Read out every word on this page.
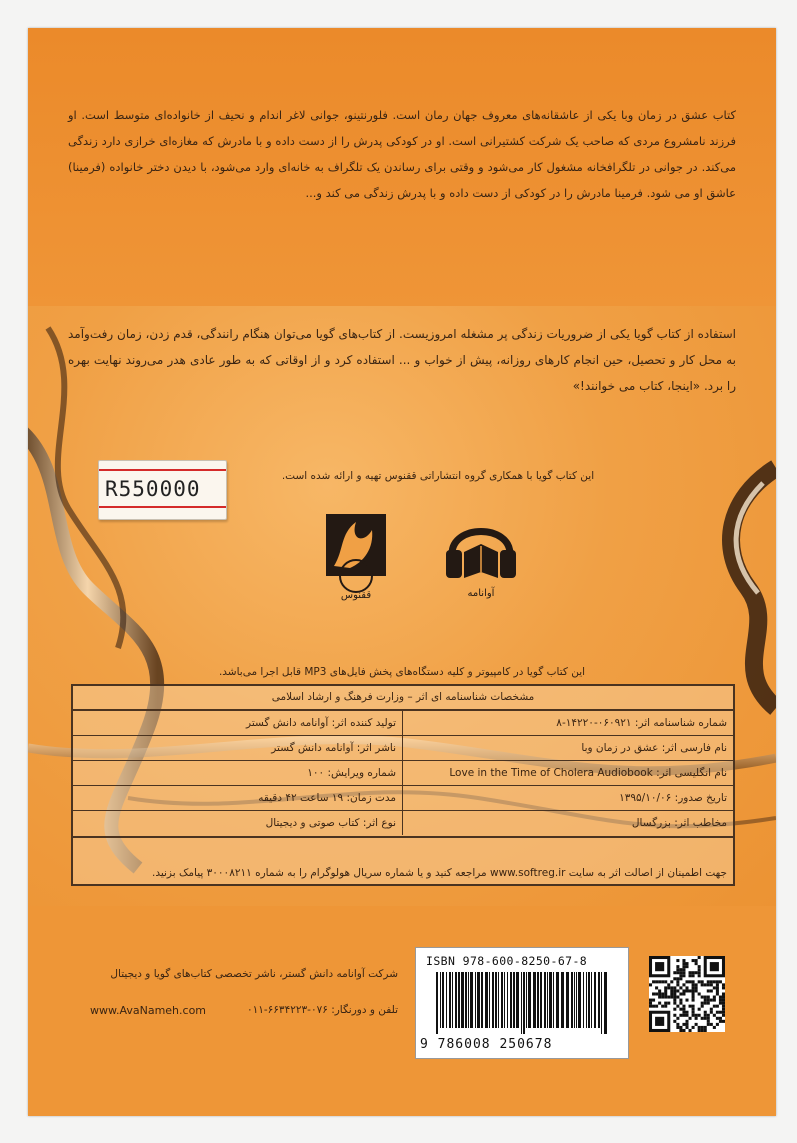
کتاب عشق در زمان وبا یکی از عاشقانه‌های معروف جهان رمان است. فلورنتینو، جوانی لاغر اندام و نحیف از خانواده‌ای متوسط است. او فرزند نامشروع مردی که صاحب یک شرکت کشتیرانی است. او در کودکی پدرش را از دست داده و با مادرش که مغازه‌ای خرازی دارد زندگی می‌کند. در جوانی در تلگرافخانه مشغول کار می‌شود و وقتی برای رساندن یک تلگراف به خانه‌ای وارد می‌شود، با دیدن دختر خانواده (فرمینا) عاشق او می شود. فرمینا مادرش را در کودکی از دست داده و با پدرش زندگی می کند و...
استفاده از کتاب گویا یکی از ضروریات زندگی پر مشغله امروزیست. از کتاب‌های گویا می‌توان هنگام رانندگی، قدم زدن، زمان رفت‌وآمد به محل کار و تحصیل، حین انجام کارهای روزانه، پیش از خواب و ... استفاده کرد و از اوقاتی که به طور عادی هدر می‌روند نهایت بهره را برد. «اینجا، کتاب می خوانند!»
این کتاب گویا با همکاری گروه انتشاراتی ققنوس تهیه و ارائه شده است.
R550000
ققنوس	آوانامه
این کتاب گویا در کامپیوتر و کلیه دستگاه‌های پخش فایل‌های MP3 قابل اجرا می‌باشد.
مشخصات شناسنامه ای اثر – وزارت فرهنگ و ارشاد اسلامی
شماره شناسنامه اثر: ۰۶۰۹۲۱-۱۴۲۲۰-۸
تولید کننده اثر: آوانامه دانش گستر
نام فارسی اثر: عشق در زمان وبا
ناشر اثر: آوانامه دانش گستر
نام انگلیسی اثر: Love in the Time of Cholera Audiobook
شماره ویرایش: ۱۰۰
تاریخ صدور: ۱۳۹۵/۱۰/۰۶
مدت زمان: ۱۹ ساعت ۴۲ دقیقه
مخاطب اثر: بزرگسال
نوع اثر: کتاب صوتی و دیجیتال
جهت اطمینان از اصالت اثر به سایت www.softreg.ir مراجعه کنید و یا شماره سریال هولوگرام را به شماره ۳۰۰۰۸۲۱۱ پیامک بزنید.
شرکت آوانامه دانش گستر، ناشر تخصصی کتاب‌های گویا و دیجیتال
تلفن و دورنگار: ۰۷۶-۶۶۳۴۲۲۳-۰۱۱
www.AvaNameh.com
ISBN 978-600-8250-67-8
9 786008 250678
